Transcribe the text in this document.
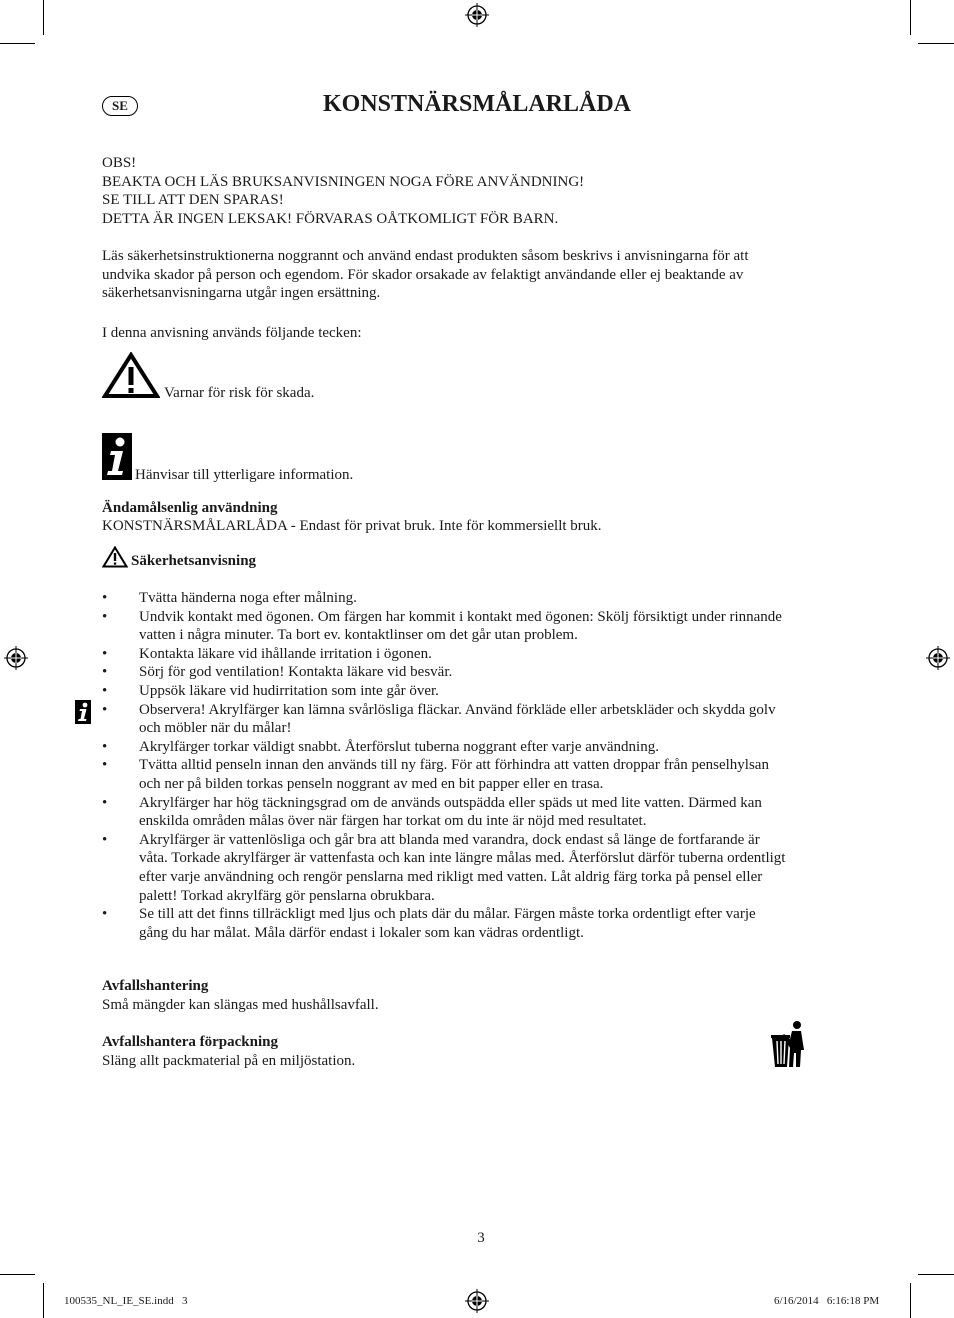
SE	KONSTNÄRSMÅLARLÅDA
OBS!
BEAKTA OCH LÄS BRUKSANVISNINGEN NOGA FÖRE ANVÄNDNING!
SE TILL ATT DEN SPARAS!
DETTA ÄR INGEN LEKSAK! FÖRVARAS OÅTKOMLIGT FÖR BARN.
Läs säkerhetsinstruktionerna noggrannt och använd endast produkten såsom beskrivs i anvisningarna för att
undvika skador på person och egendom. För skador orsakade av felaktigt användande eller ej beaktande av
säkerhetsanvisningarna utgår ingen ersättning.
I denna anvisning används följande tecken:
Varnar för risk för skada.
Hänvisar till ytterligare information.
Ändamålsenlig användning
KONSTNÄRSMÅLARLÅDA - Endast för privat bruk. Inte för kommersiellt bruk.
Säkerhetsanvisning
• Tvätta händerna noga efter målning.
• Undvik kontakt med ögonen. Om färgen har kommit i kontakt med ögonen: Skölj försiktigt under rinnande
vatten i några minuter. Ta bort ev. kontaktlinser om det går utan problem.
• Kontakta läkare vid ihållande irritation i ögonen.
• Sörj för god ventilation! Kontakta läkare vid besvär.
• Uppsök läkare vid hudirritation som inte går över.
• Observera! Akrylfärger kan lämna svårlösliga fläckar. Använd förkläde eller arbetskläder och skydda golv
och möbler när du målar!
• Akrylfärger torkar väldigt snabbt. Återförslut tuberna noggrant efter varje användning.
• Tvätta alltid penseln innan den används till ny färg. För att förhindra att vatten droppar från penselhylsan
och ner på bilden torkas penseln noggrant av med en bit papper eller en trasa.
• Akrylfärger har hög täckningsgrad om de används outspädda eller späds ut med lite vatten. Därmed kan
enskilda områden målas över när färgen har torkat om du inte är nöjd med resultatet.
• Akrylfärger är vattenlösliga och går bra att blanda med varandra, dock endast så länge de fortfarande är
våta. Torkade akrylfärger är vattenfasta och kan inte längre målas med. Återförslut därför tuberna ordentligt
efter varje användning och rengör penslarna med rikligt med vatten. Låt aldrig färg torka på pensel eller
palett! Torkad akrylfärg gör penslarna obrukbara.
• Se till att det finns tillräckligt med ljus och plats där du målar. Färgen måste torka ordentligt efter varje
gång du har målat. Måla därför endast i lokaler som kan vädras ordentligt.
Avfallshantering
Små mängder kan slängas med hushållsavfall.
Avfallshantera förpackning
Släng allt packmaterial på en miljöstation.
3
100535_NL_IE_SE.indd   3	6/16/2014   6:16:18 PM
